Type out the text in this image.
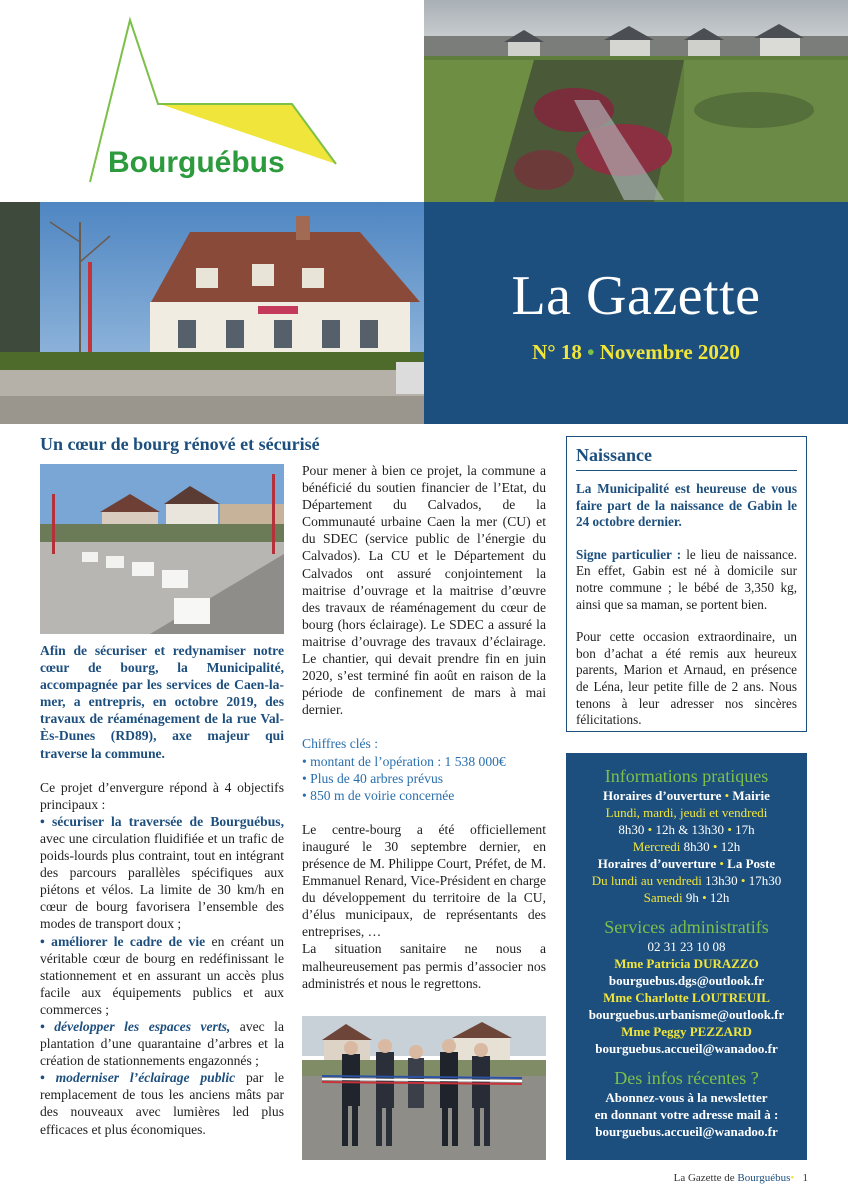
Bourguébus
La Gazette
N° 18 • Novembre 2020
Un cœur de bourg rénové et sécurisé

Afin de sécuriser et redynamiser notre cœur de bourg, la Municipalité, accompagnée par les services de Caen-la-mer, a entrepris, en octobre 2019, des travaux de réaménagement de la rue Val-Ès-Dunes (RD89), axe majeur qui traverse la commune.

Ce projet d’envergure répond à 4 objectifs principaux :

• sécuriser la traversée de Bourguébus, avec une circulation fluidifiée et un trafic de poids-lourds plus contraint, tout en intégrant des parcours parallèles spécifiques aux piétons et vélos. La limite de 30 km/h en cœur de bourg favorisera l’ensemble des modes de transport doux ;

• améliorer le cadre de vie en créant un véritable cœur de bourg en redéfinissant le stationnement et en assurant un accès plus facile aux équipements publics et aux commerces ;

• développer les espaces verts, avec la plantation d’une quarantaine d’arbres et la création de stationnements engazonnés ;

• moderniser l’éclairage public par le remplacement de tous les anciens mâts par des nouveaux avec lumières led plus efficaces et plus économiques.

Pour mener à bien ce projet, la commune a bénéficié du soutien financier de l’Etat, du Département du Calvados, de la Communauté urbaine Caen la mer (CU) et du SDEC (service public de l’énergie du Calvados). La CU et le Département du Calvados ont assuré conjointement la maitrise d’ouvrage et la maitrise d’œuvre des travaux de réaménagement du cœur de bourg (hors éclairage). Le SDEC a assuré la maitrise d’ouvrage des travaux d’éclairage. Le chantier, qui devait prendre fin en juin 2020, s’est terminé fin août en raison de la période de confinement de mars à mai dernier.

Chiffres clés :

• montant de l’opération : 1 538 000€

• Plus de 40 arbres prévus

• 850 m de voirie concernée

Le centre-bourg a été officiellement inauguré le 30 septembre dernier, en présence de M. Philippe Court, Préfet, de M. Emmanuel Renard, Vice-Président en charge du développement du territoire de la CU, d’élus municipaux, de représentants des entreprises, …

La situation sanitaire ne nous a malheureusement pas permis d’associer nos administrés et nous le regrettons.

Naissance

La Municipalité est heureuse de vous faire part de la naissance de Gabin le 24 octobre dernier.

Signe particulier : le lieu de naissance. En effet, Gabin est né à domicile sur notre commune ; le bébé de 3,350 kg, ainsi que sa maman, se portent bien.

Pour cette occasion extraordinaire, un bon d’achat a été remis aux heureux parents, Marion et Arnaud, en présence de Léna, leur petite fille de 2 ans. Nous tenons à leur adresser nos sincères félicitations.

Informations pratiques

Horaires d’ouverture • Mairie

Lundi, mardi, jeudi et vendredi

8h30 • 12h & 13h30 • 17h

Mercredi 8h30 • 12h

Horaires d’ouverture • La Poste

Du lundi au vendredi 13h30 • 17h30

Samedi 9h • 12h

Services administratifs

02 31 23 10 08

Mme Patricia DURAZZO

bourguebus.dgs@outlook.fr

Mme Charlotte LOUTREUIL

bourguebus.urbanisme@outlook.fr

Mme Peggy PEZZARD

bourguebus.accueil@wanadoo.fr

Des infos récentes ?

Abonnez-vous à la newsletter

en donnant votre adresse mail à :

bourguebus.accueil@wanadoo.fr

La Gazette de Bourguébus• 1
